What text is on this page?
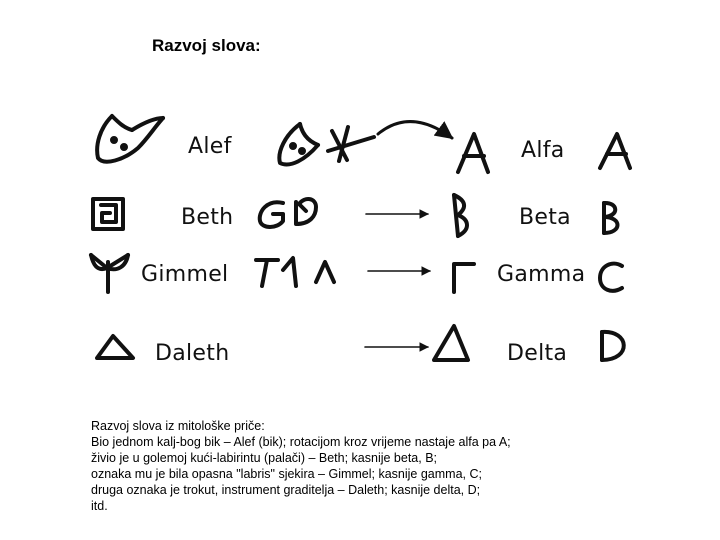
Razvoj slova:
Alef	Alfa
Beth	Beta
Gimmel	Gamma
Daleth	Delta
Razvoj slova iz mitološke priče:
Bio jednom kalj-bog bik – Alef (bik); rotacijom kroz vrijeme nastaje alfa pa A;
živio je u golemoj kući-labirintu (palači) – Beth; kasnije beta, B;
oznaka mu je bila opasna "labris" sjekira – Gimmel; kasnije gamma, C;
druga oznaka je trokut, instrument graditelja – Daleth; kasnije delta, D;
itd.
